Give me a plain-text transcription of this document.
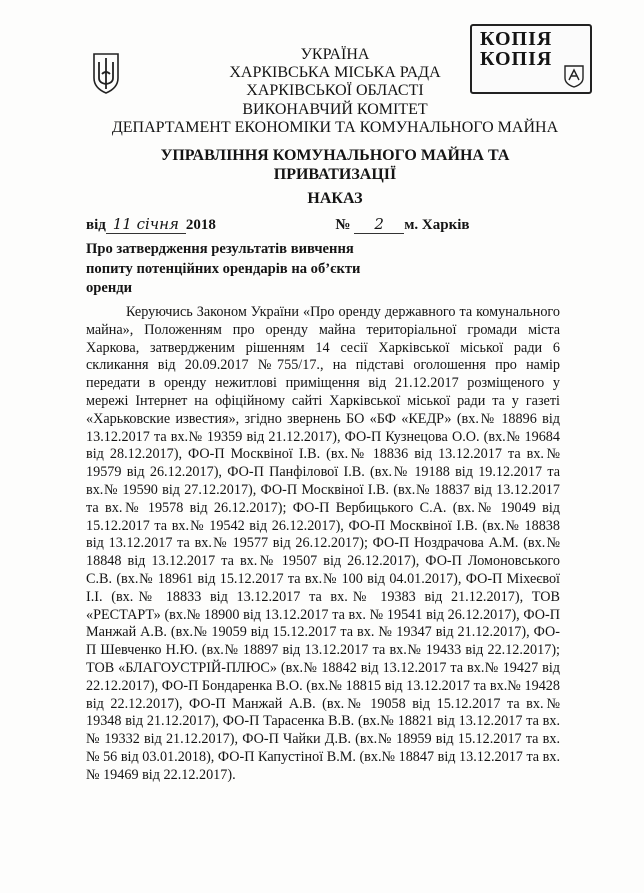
КОПІЯ
КОПІЯ
УКРАЇНА
ХАРКІВСЬКА МІСЬКА РАДА
ХАРКІВСЬКОЇ ОБЛАСТІ
ВИКОНАВЧИЙ КОМІТЕТ
ДЕПАРТАМЕНТ ЕКОНОМІКИ ТА КОМУНАЛЬНОГО МАЙНА
УПРАВЛІННЯ КОМУНАЛЬНОГО МАЙНА ТА ПРИВАТИЗАЦІЇ
НАКАЗ
від 11 січня 2018	№ 2 м. Харків
Про затвердження результатів вивчення попиту потенційних орендарів на об’єкти оренди
Керуючись Законом України «Про оренду державного та комунального майна», Положенням про оренду майна територіальної громади міста Харкова, затвердженим рішенням 14 сесії Харківської міської ради 6 скликання від 20.09.2017 №755/17., на підставі оголошення про намір передати в оренду нежитлові приміщення від 21.12.2017 розміщеного у мережі Інтернет на офіційному сайті Харківської міської ради та у газеті «Харьковские известия», згідно звернень БО «БФ «КЕДР» (вх.№ 18896 від 13.12.2017 та вх.№ 19359 від 21.12.2017), ФО-П Кузнецова О.О. (вх.№ 19684 від 28.12.2017), ФО-П Москвіної І.В. (вх.№ 18836 від 13.12.2017 та вх.№ 19579 від 26.12.2017), ФО-П Панфілової І.В. (вх.№ 19188 від 19.12.2017 та вх.№ 19590 від 27.12.2017), ФО-П Москвіної І.В. (вх.№ 18837 від 13.12.2017 та вх.№ 19578 від 26.12.2017); ФО-П Вербицького С.А. (вх.№ 19049 від 15.12.2017 та вх.№ 19542 від 26.12.2017), ФО-П Москвіної І.В. (вх.№ 18838 від 13.12.2017 та вх.№ 19577 від 26.12.2017); ФО-П Ноздрачова А.М. (вх.№ 18848 від 13.12.2017 та вх.№ 19507 від 26.12.2017), ФО-П Ломоновського С.В. (вх.№ 18961 від 15.12.2017 та вх.№ 100 від 04.01.2017), ФО-П Міхеєвої І.І. (вх.№ 18833 від 13.12.2017 та вх.№ 19383 від 21.12.2017), ТОВ «РЕСТАРТ» (вх.№ 18900 від 13.12.2017 та вх. № 19541 від 26.12.2017), ФО-П Манжай А.В. (вх.№ 19059 від 15.12.2017 та вх. № 19347 від 21.12.2017), ФО-П Шевченко Н.Ю. (вх.№ 18897 від 13.12.2017 та вх.№ 19433 від 22.12.2017); ТОВ «БЛАГОУСТРІЙ-ПЛЮС» (вх.№ 18842 від 13.12.2017 та вх.№ 19427 від 22.12.2017), ФО-П Бондаренка В.О. (вх.№ 18815 від 13.12.2017 та вх.№ 19428 від 22.12.2017), ФО-П Манжай А.В. (вх.№ 19058 від 15.12.2017 та вх.№ 19348 від 21.12.2017), ФО-П Тарасенка В.В. (вх.№ 18821 від 13.12.2017 та вх. № 19332 від 21.12.2017), ФО-П Чайки Д.В. (вх.№ 18959 від 15.12.2017 та вх.№ 56 від 03.01.2018), ФО-П Капустіної В.М. (вх.№ 18847 від 13.12.2017 та вх.№ 19469 від 22.12.2017).
